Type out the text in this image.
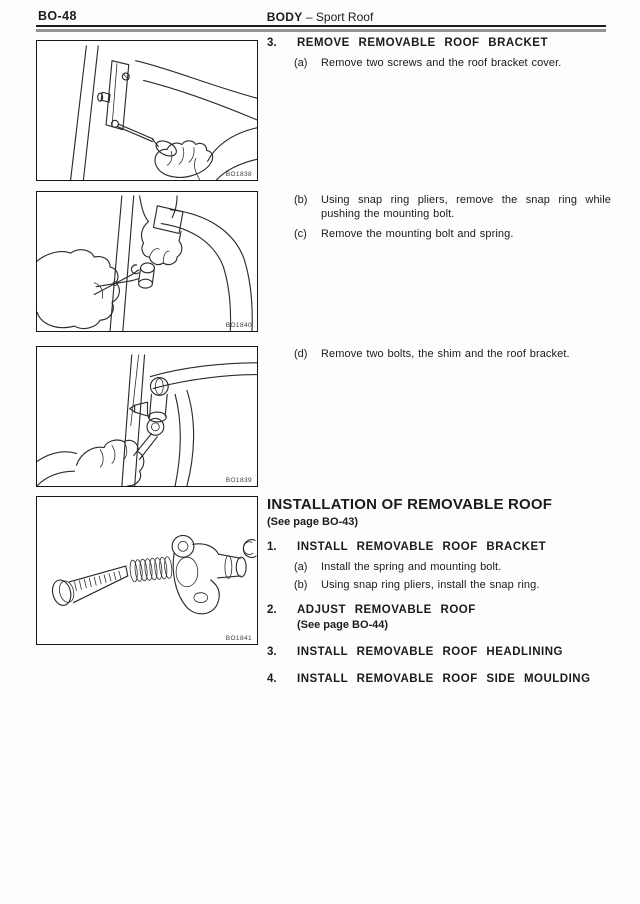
BO-48	BODY – Sport Roof
BO1838
BO1840
BO1839
BO1841
3.	REMOVE REMOVABLE ROOF BRACKET
(a)	Remove two screws and the roof bracket cover.
(b)	Using snap ring pliers, remove the snap ring while pushing the mounting bolt.
(c)	Remove the mounting bolt and spring.
(d)	Remove two bolts, the shim and the roof bracket.
INSTALLATION OF REMOVABLE ROOF
(See page BO-43)
1.	INSTALL REMOVABLE ROOF BRACKET
(a)	Install the spring and mounting bolt.
(b)	Using snap ring pliers, install the snap ring.
2.	ADJUST REMOVABLE ROOF
(See page BO-44)
3.	INSTALL REMOVABLE ROOF HEADLINING
4.	INSTALL REMOVABLE ROOF SIDE MOULDING
